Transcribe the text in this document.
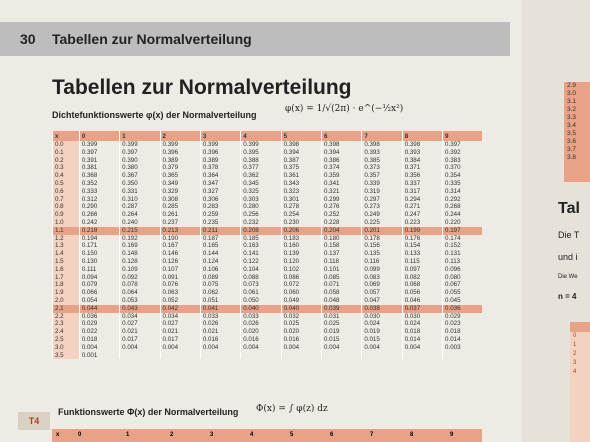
30 Tabellen zur Normalverteilung
Tabellen zur Normalverteilung
Dichtefunktionswerte φ(x) der Normalverteilung
φ(x) = 1/√(2π) · e^(−½x²)
x	0	1	2	3	4	5	6	7	8	9
0.0	0.399	0.399	0.399	0.399	0.399	0.398	0.398	0.398	0.398	0.397
0.1	0.397	0.397	0.396	0.396	0.395	0.394	0.394	0.393	0.393	0.392
0.2	0.391	0.390	0.389	0.389	0.388	0.387	0.386	0.385	0.384	0.383
0.3	0.381	0.380	0.379	0.378	0.377	0.375	0.374	0.373	0.371	0.370
0.4	0.368	0.367	0.365	0.364	0.362	0.361	0.359	0.357	0.356	0.354
0.5	0.352	0.350	0.349	0.347	0.345	0.343	0.341	0.339	0.337	0.335
0.6	0.333	0.331	0.329	0.327	0.325	0.323	0.321	0.319	0.317	0.314
0.7	0.312	0.310	0.308	0.306	0.303	0.301	0.299	0.297	0.294	0.292
0.8	0.290	0.287	0.285	0.283	0.280	0.278	0.276	0.273	0.271	0.268
0.9	0.266	0.264	0.261	0.259	0.256	0.254	0.252	0.249	0.247	0.244
1.0	0.242	0.240	0.237	0.235	0.232	0.230	0.228	0.225	0.223	0.220
1.1	0.218	0.215	0.213	0.211	0.208	0.206	0.204	0.201	0.199	0.197
1.2	0.194	0.192	0.190	0.187	0.185	0.183	0.180	0.178	0.176	0.174
1.3	0.171	0.169	0.167	0.165	0.163	0.160	0.158	0.156	0.154	0.152
1.4	0.150	0.148	0.146	0.144	0.141	0.139	0.137	0.135	0.133	0.131
1.5	0.130	0.128	0.126	0.124	0.122	0.120	0.118	0.116	0.115	0.113
1.6	0.111	0.109	0.107	0.106	0.104	0.102	0.101	0.099	0.097	0.096
1.7	0.094	0.092	0.091	0.089	0.088	0.086	0.085	0.083	0.082	0.080
1.8	0.079	0.078	0.076	0.075	0.073	0.072	0.071	0.069	0.068	0.067
1.9	0.066	0.064	0.063	0.062	0.061	0.060	0.058	0.057	0.056	0.055
2.0	0.054	0.053	0.052	0.051	0.050	0.049	0.048	0.047	0.046	0.045
2.1	0.044	0.043	0.042	0.041	0.040	0.040	0.039	0.038	0.037	0.036
2.2	0.036	0.034	0.034	0.033	0.033	0.032	0.031	0.030	0.030	0.029
2.3	0.029	0.027	0.027	0.026	0.026	0.025	0.025	0.024	0.024	0.023
2.4	0.022	0.021	0.021	0.021	0.020	0.020	0.019	0.019	0.018	0.018
2.5	0.018	0.017	0.017	0.016	0.016	0.016	0.015	0.015	0.014	0.014
3.0	0.004	0.004	0.004	0.004	0.004	0.004	0.004	0.004	0.004	0.003
3.5	0.001									
T4
Funktionswerte Φ(x) der Normalverteilung Φ(x) = ∫ φ(z) dz
x	0	1	2	3	4	5	6	7	8	9
2.9
3.0
3.1
3.2
3.3
3.4
3.5
3.6
3.7
3.8
Tal
Die T
und i
Die We
n = 4
0
1
2
3
4
